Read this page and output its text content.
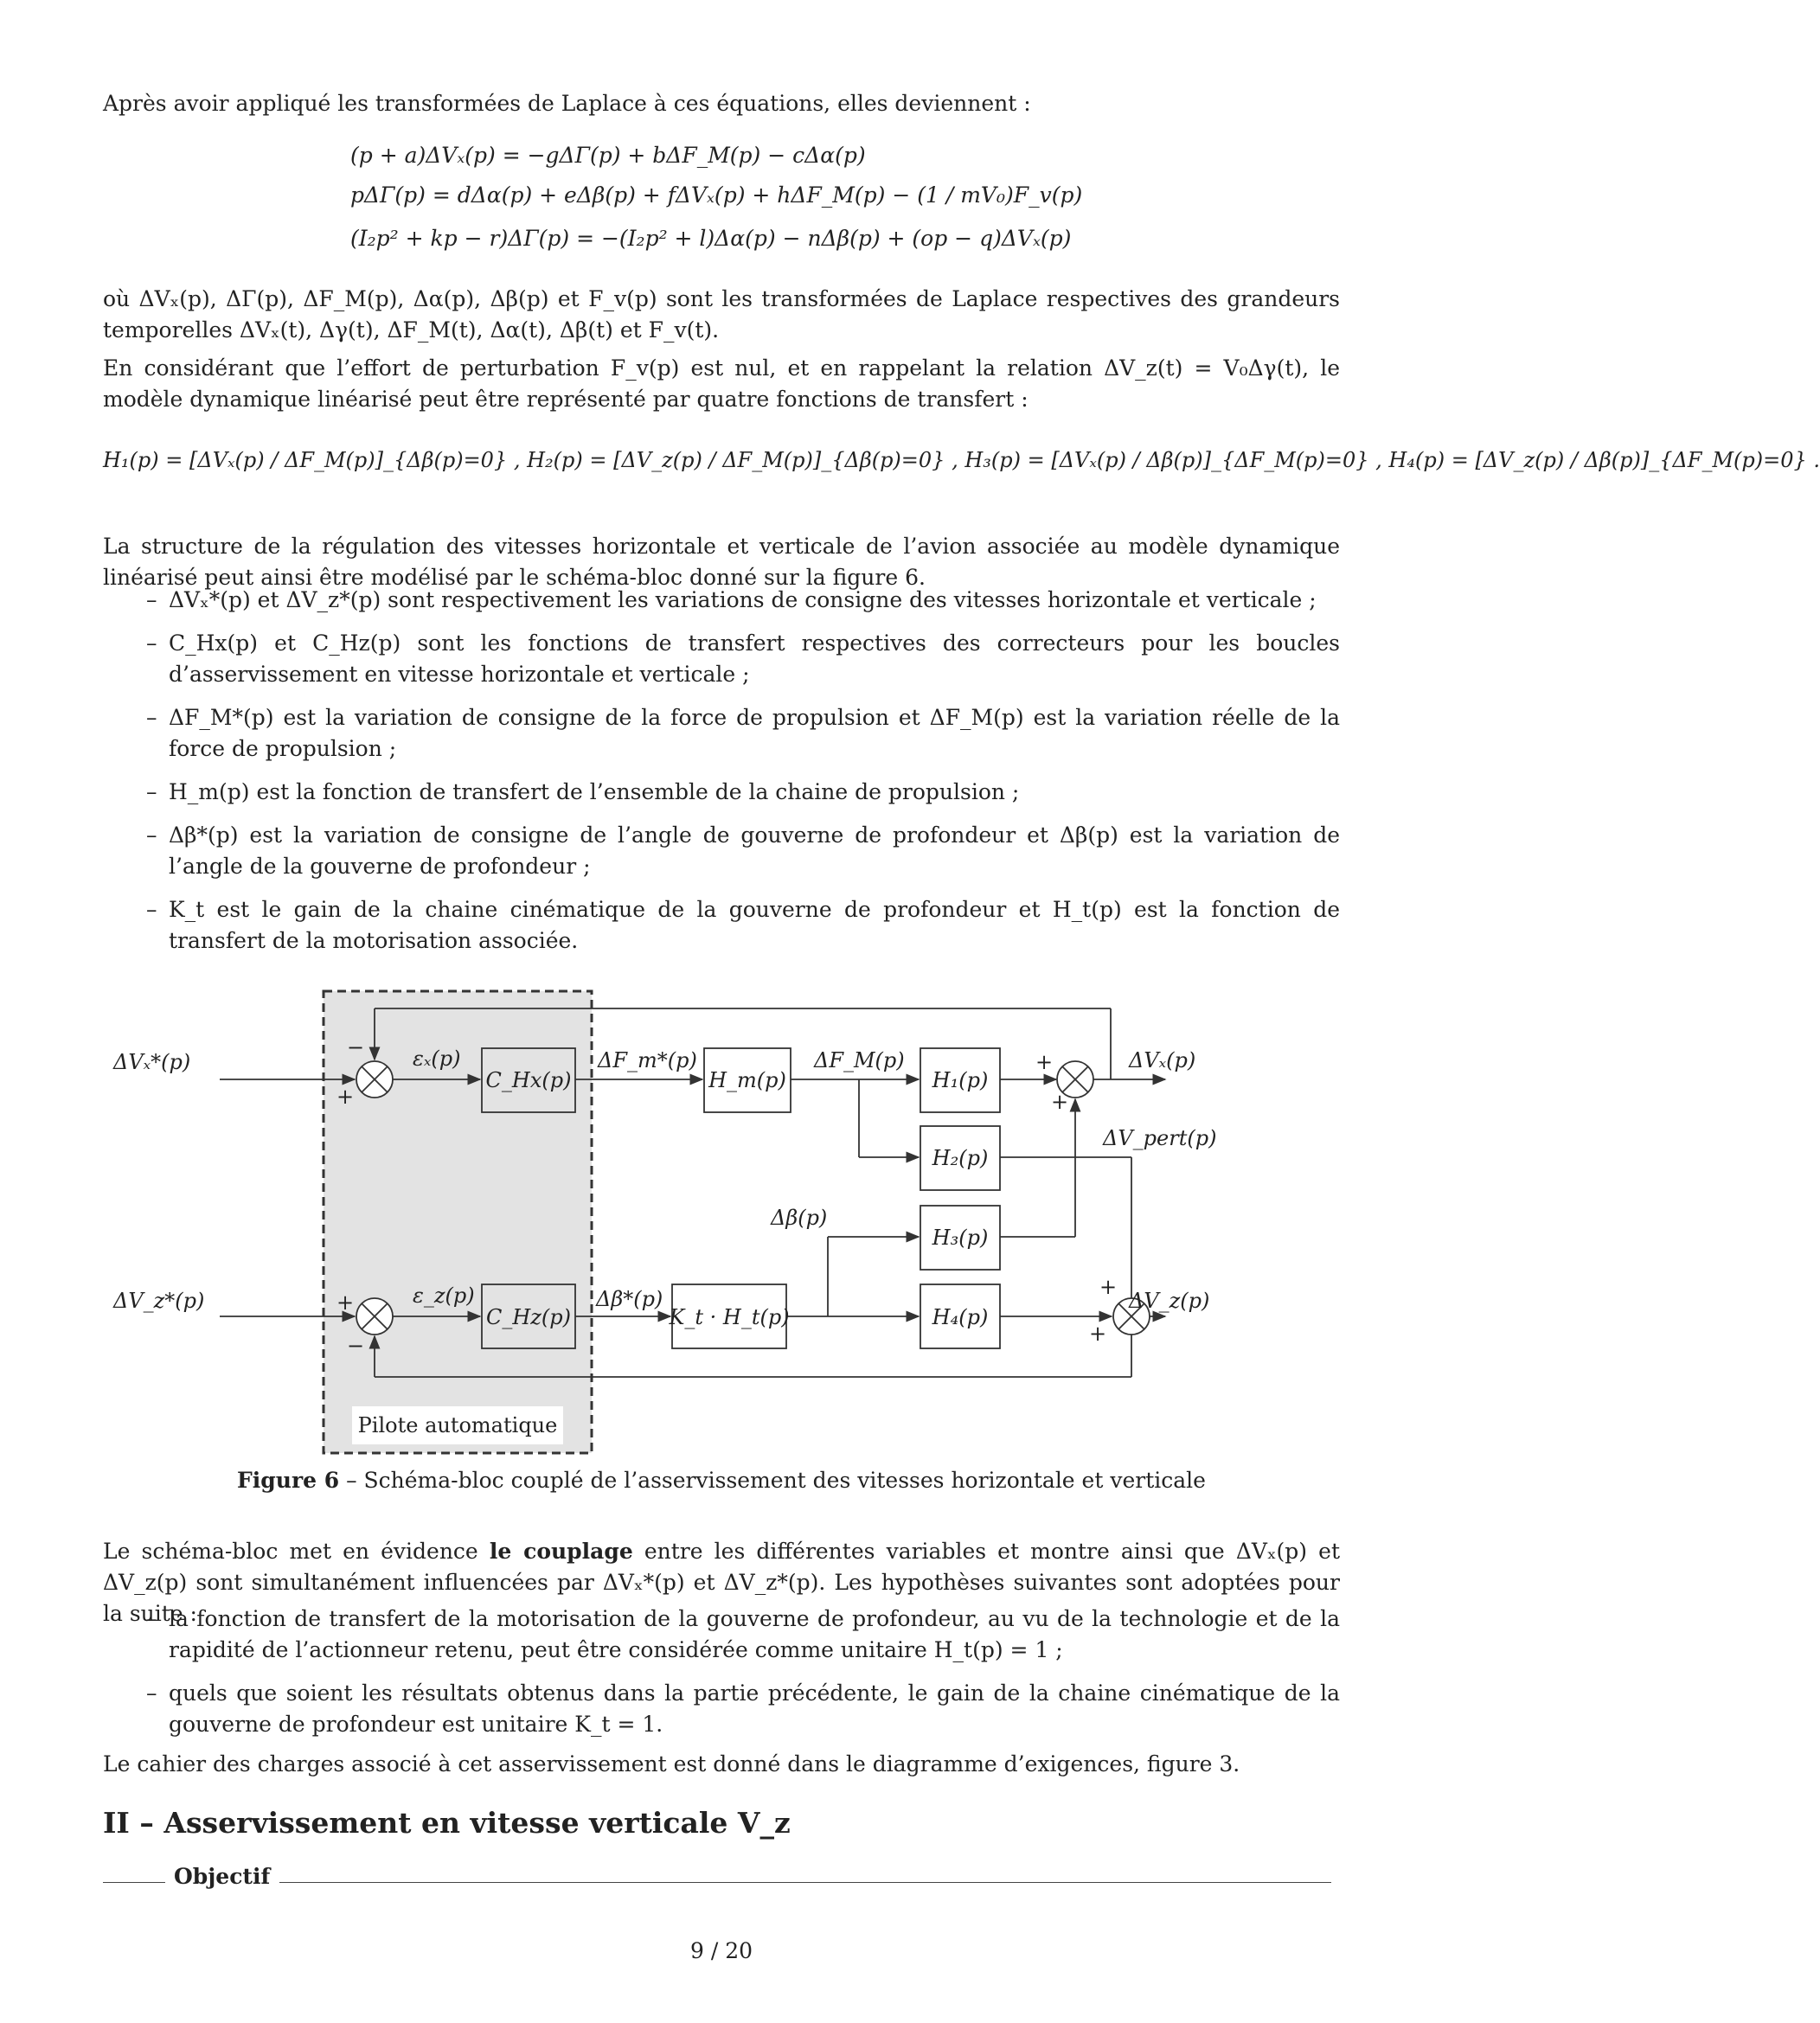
Après avoir appliqué les transformées de Laplace à ces équations, elles deviennent :
(p + a)ΔVₓ(p) = −gΔΓ(p) + bΔF_M(p) − cΔα(p)
pΔΓ(p) = dΔα(p) + eΔβ(p) + fΔVₓ(p) + hΔF_M(p) − (1 / mV₀)F_v(p)
(I₂p² + kp − r)ΔΓ(p) = −(I₂p² + l)Δα(p) − nΔβ(p) + (op − q)ΔVₓ(p)
où ΔVₓ(p), ΔΓ(p), ΔF_M(p), Δα(p), Δβ(p) et F_v(p) sont les transformées de Laplace respectives des grandeurs temporelles ΔVₓ(t), Δγ(t), ΔF_M(t), Δα(t), Δβ(t) et F_v(t).
En considérant que l’effort de perturbation F_v(p) est nul, et en rappelant la relation ΔV_z(t) = V₀Δγ(t), le modèle dynamique linéarisé peut être représenté par quatre fonctions de transfert :
H₁(p) = [ΔVₓ(p) / ΔF_M(p)]_{Δβ(p)=0} , H₂(p) = [ΔV_z(p) / ΔF_M(p)]_{Δβ(p)=0} , H₃(p) = [ΔVₓ(p) / Δβ(p)]_{ΔF_M(p)=0} , H₄(p) = [ΔV_z(p) / Δβ(p)]_{ΔF_M(p)=0} .
La structure de la régulation des vitesses horizontale et verticale de l’avion associée au modèle dynamique linéarisé peut ainsi être modélisé par le schéma-bloc donné sur la figure 6.
– ΔVₓ*(p) et ΔV_z*(p) sont respectivement les variations de consigne des vitesses horizontale et verticale ;
– C_Hx(p) et C_Hz(p) sont les fonctions de transfert respectives des correcteurs pour les boucles d’asservissement en vitesse horizontale et verticale ;
– ΔF_M*(p) est la variation de consigne de la force de propulsion et ΔF_M(p) est la variation réelle de la force de propulsion ;
– H_m(p) est la fonction de transfert de l’ensemble de la chaine de propulsion ;
– Δβ*(p) est la variation de consigne de l’angle de gouverne de profondeur et Δβ(p) est la variation de l’angle de la gouverne de profondeur ;
– K_t est le gain de la chaine cinématique de la gouverne de profondeur et H_t(p) est la fonction de transfert de la motorisation associée.
Pilote automatique
ΔVₓ*(p)
ΔV_z*(p)
εₓ(p)
ε_z(p)
C_Hx(p)
C_Hz(p)
ΔF_m*(p)
H_m(p)
ΔF_M(p)
H₁(p)
H₂(p)
H₃(p)
H₄(p)
ΔVₓ(p)
ΔV_z(p)
ΔV_pert(p)
Δβ(p)
Δβ*(p)
K_t · H_t(p)
−
+
+
−
+
+
+
+
Figure 6 – Schéma-bloc couplé de l’asservissement des vitesses horizontale et verticale
Le schéma-bloc met en évidence le couplage entre les différentes variables et montre ainsi que ΔVₓ(p) et ΔV_z(p) sont simultanément influencées par ΔVₓ*(p) et ΔV_z*(p). Les hypothèses suivantes sont adoptées pour la suite :
– la fonction de transfert de la motorisation de la gouverne de profondeur, au vu de la technologie et de la rapidité de l’actionneur retenu, peut être considérée comme unitaire H_t(p) = 1 ;
– quels que soient les résultats obtenus dans la partie précédente, le gain de la chaine cinématique de la gouverne de profondeur est unitaire K_t = 1.
Le cahier des charges associé à cet asservissement est donné dans le diagramme d’exigences, figure 3.
II – Asservissement en vitesse verticale V_z
Objectif
9 / 20
